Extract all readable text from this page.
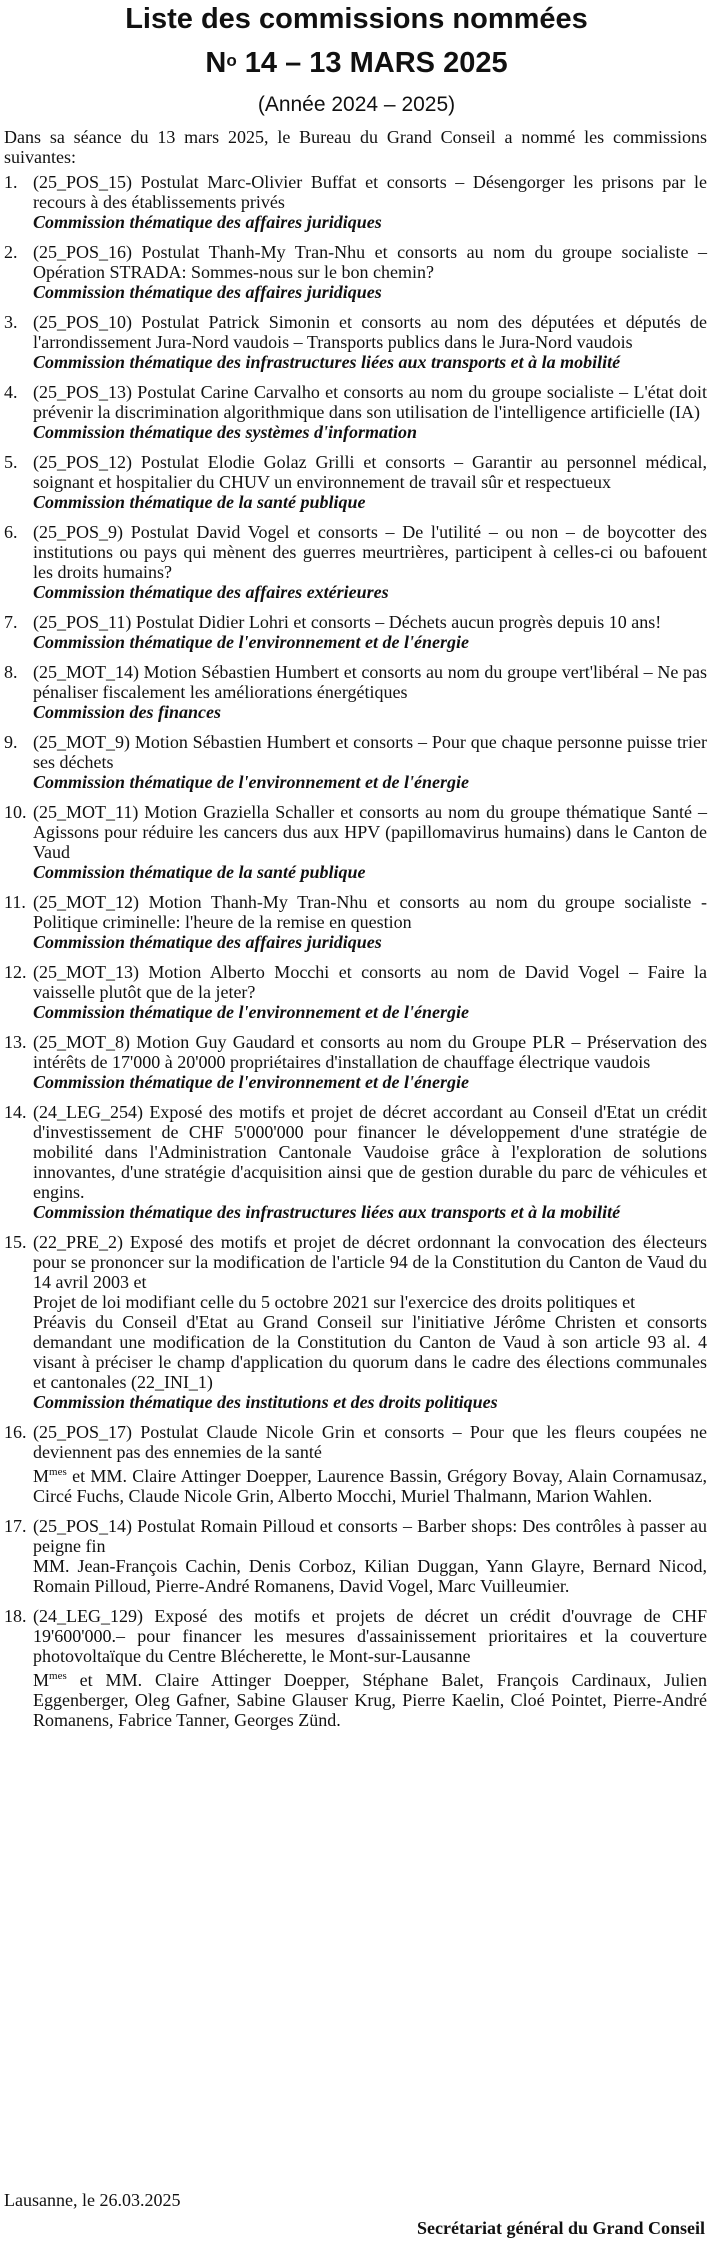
Liste des commissions nommées
$N^o$ 14 – 13 MARS 2025

(Année 2024 – 2025)

Dans sa séance du 13 mars 2025, le Bureau du Grand Conseil a nommé les commissions suivantes:

1. (25_POS_15) Postulat Marc-Olivier Buffat et consorts – Désengorger les prisons par le recours à des établissements privés
Commission thématique des affaires juridiques
2. (25_POS_16) Postulat Thanh-My Tran-Nhu et consorts au nom du groupe socialiste – Opération STRADA: Sommes-nous sur le bon chemin?
Commission thématique des affaires juridiques
3. (25_POS_10) Postulat Patrick Simonin et consorts au nom des députées et députés de l'arrondissement Jura-Nord vaudois – Transports publics dans le Jura-Nord vaudois
Commission thématique des infrastructures liées aux transports et à la mobilité
4. (25_POS_13) Postulat Carine Carvalho et consorts au nom du groupe socialiste – L'état doit prévenir la discrimination algorithmique dans son utilisation de l'intelligence artificielle (IA)
Commission thématique des systèmes d'information
5. (25_POS_12) Postulat Elodie Golaz Grilli et consorts – Garantir au personnel médical, soignant et hospitalier du CHUV un environnement de travail sûr et respectueux
Commission thématique de la santé publique
6. (25_POS_9) Postulat David Vogel et consorts – De l'utilité – ou non – de boycotter des institutions ou pays qui mènent des guerres meurtrières, participent à celles-ci ou bafouent les droits humains?
Commission thématique des affaires extérieures
7. (25_POS_11) Postulat Didier Lohri et consorts – Déchets aucun progrès depuis 10 ans!
Commission thématique de l'environnement et de l'énergie
8. (25_MOT_14) Motion Sébastien Humbert et consorts au nom du groupe vert'libéral – Ne pas pénaliser fiscalement les améliorations énergétiques
Commission des finances
9. (25_MOT_9) Motion Sébastien Humbert et consorts – Pour que chaque personne puisse trier ses déchets
Commission thématique de l'environnement et de l'énergie
10. (25_MOT_11) Motion Graziella Schaller et consorts au nom du groupe thématique Santé – Agissons pour réduire les cancers dus aux HPV (papillomavirus humains) dans le Canton de Vaud
Commission thématique de la santé publique
11. (25_MOT_12) Motion Thanh-My Tran-Nhu et consorts au nom du groupe socialiste - Politique criminelle: l'heure de la remise en question
Commission thématique des affaires juridiques
12. (25_MOT_13) Motion Alberto Mocchi et consorts au nom de David Vogel – Faire la vaisselle plutôt que de la jeter?
Commission thématique de l'environnement et de l'énergie
13. (25_MOT_8) Motion Guy Gaudard et consorts au nom du Groupe PLR – Préservation des intérêts de 17'000 à 20'000 propriétaires d'installation de chauffage électrique vaudois
Commission thématique de l'environnement et de l'énergie
14. (24_LEG_254) Exposé des motifs et projet de décret accordant au Conseil d'Etat un crédit d'investissement de CHF 5'000'000 pour financer le développement d'une stratégie de mobilité dans l'Administration Cantonale Vaudoise grâce à l'exploration de solutions innovantes, d'une stratégie d'acquisition ainsi que de gestion durable du parc de véhicules et engins.
Commission thématique des infrastructures liées aux transports et à la mobilité
15. (22_PRE_2) Exposé des motifs et projet de décret ordonnant la convocation des électeurs pour se prononcer sur la modification de l'article 94 de la Constitution du Canton de Vaud du 14 avril 2003 et
Projet de loi modifiant celle du 5 octobre 2021 sur l'exercice des droits politiques et
Préavis du Conseil d'Etat au Grand Conseil sur l'initiative Jérôme Christen et consorts demandant une modification de la Constitution du Canton de Vaud à son article 93 al. 4 visant à préciser le champ d'application du quorum dans le cadre des élections communales et cantonales (22_INI_1)
Commission thématique des institutions et des droits politiques
16. (25_POS_17) Postulat Claude Nicole Grin et consorts – Pour que les fleurs coupées ne deviennent pas des ennemies de la santé
$M^{mes}$ et MM. Claire Attinger Doepper, Laurence Bassin, Grégory Bovay, Alain Cornamusaz, Circé Fuchs, Claude Nicole Grin, Alberto Mocchi, Muriel Thalmann, Marion Wahlen.
17. (25_POS_14) Postulat Romain Pilloud et consorts – Barber shops: Des contrôles à passer au peigne fin
MM. Jean-François Cachin, Denis Corboz, Kilian Duggan, Yann Glayre, Bernard Nicod, Romain Pilloud, Pierre-André Romanens, David Vogel, Marc Vuilleumier.
18. (24_LEG_129) Exposé des motifs et projets de décret un crédit d'ouvrage de CHF 19'600'000.– pour financer les mesures d'assainissement prioritaires et la couverture photovoltaïque du Centre Blécherette, le Mont-sur-Lausanne
$M^{mes}$ et MM. Claire Attinger Doepper, Stéphane Balet, François Cardinaux, Julien Eggenberger, Oleg Gafner, Sabine Glauser Krug, Pierre Kaelin, Cloé Pointet, Pierre-André Romanens, Fabrice Tanner, Georges Zünd.
Lausanne, le 26.03.2025
Secrétariat général du Grand Conseil
